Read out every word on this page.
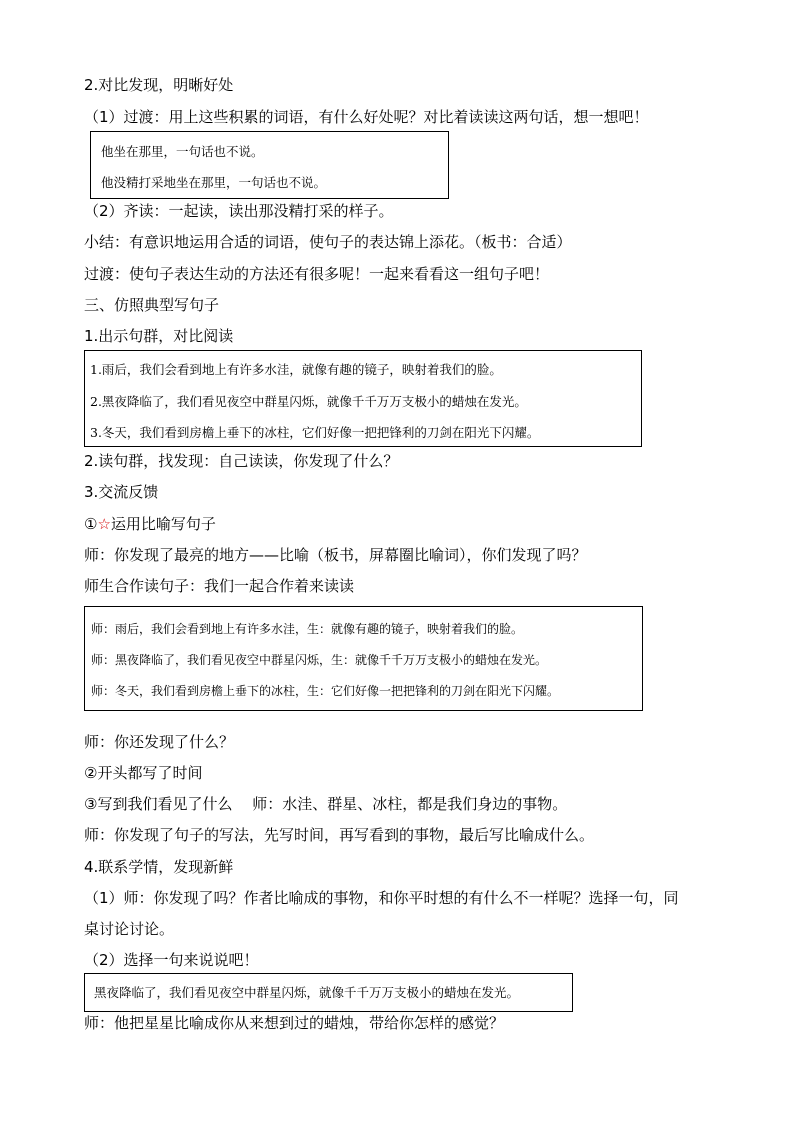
2.对比发现，明晰好处
（1）过渡：用上这些积累的词语，有什么好处呢？对比着读读这两句话，想一想吧！
他坐在那里，一句话也不说。
他没精打采地坐在那里，一句话也不说。
（2）齐读：一起读，读出那没精打采的样子。
小结：有意识地运用合适的词语，使句子的表达锦上添花。（板书：合适）
过渡：使句子表达生动的方法还有很多呢！一起来看看这一组句子吧！
三、仿照典型写句子
1.出示句群，对比阅读
1.雨后，我们会看到地上有许多水洼，就像有趣的镜子，映射着我们的脸。
2.黑夜降临了，我们看见夜空中群星闪烁，就像千千万万支极小的蜡烛在发光。
3.冬天，我们看到房檐上垂下的冰柱，它们好像一把把锋利的刀剑在阳光下闪耀。
2.读句群，找发现：自己读读，你发现了什么？
3.交流反馈
①☆运用比喻写句子
师：你发现了最亮的地方——比喻（板书，屏幕圈比喻词），你们发现了吗？
师生合作读句子：我们一起合作着来读读
师：雨后，我们会看到地上有许多水洼，生：就像有趣的镜子，映射着我们的脸。
师：黑夜降临了，我们看见夜空中群星闪烁，生：就像千千万万支极小的蜡烛在发光。
师：冬天，我们看到房檐上垂下的冰柱，生：它们好像一把把锋利的刀剑在阳光下闪耀。
师：你还发现了什么？
②开头都写了时间
③写到我们看见了什么　 师：水洼、群星、冰柱，都是我们身边的事物。
师：你发现了句子的写法，先写时间，再写看到的事物，最后写比喻成什么。
4.联系学情，发现新鲜
（1）师：你发现了吗？作者比喻成的事物，和你平时想的有什么不一样呢？选择一句，同
桌讨论讨论。
（2）选择一句来说说吧！
黑夜降临了，我们看见夜空中群星闪烁，就像千千万万支极小的蜡烛在发光。
师：他把星星比喻成你从来想到过的蜡烛，带给你怎样的感觉？
